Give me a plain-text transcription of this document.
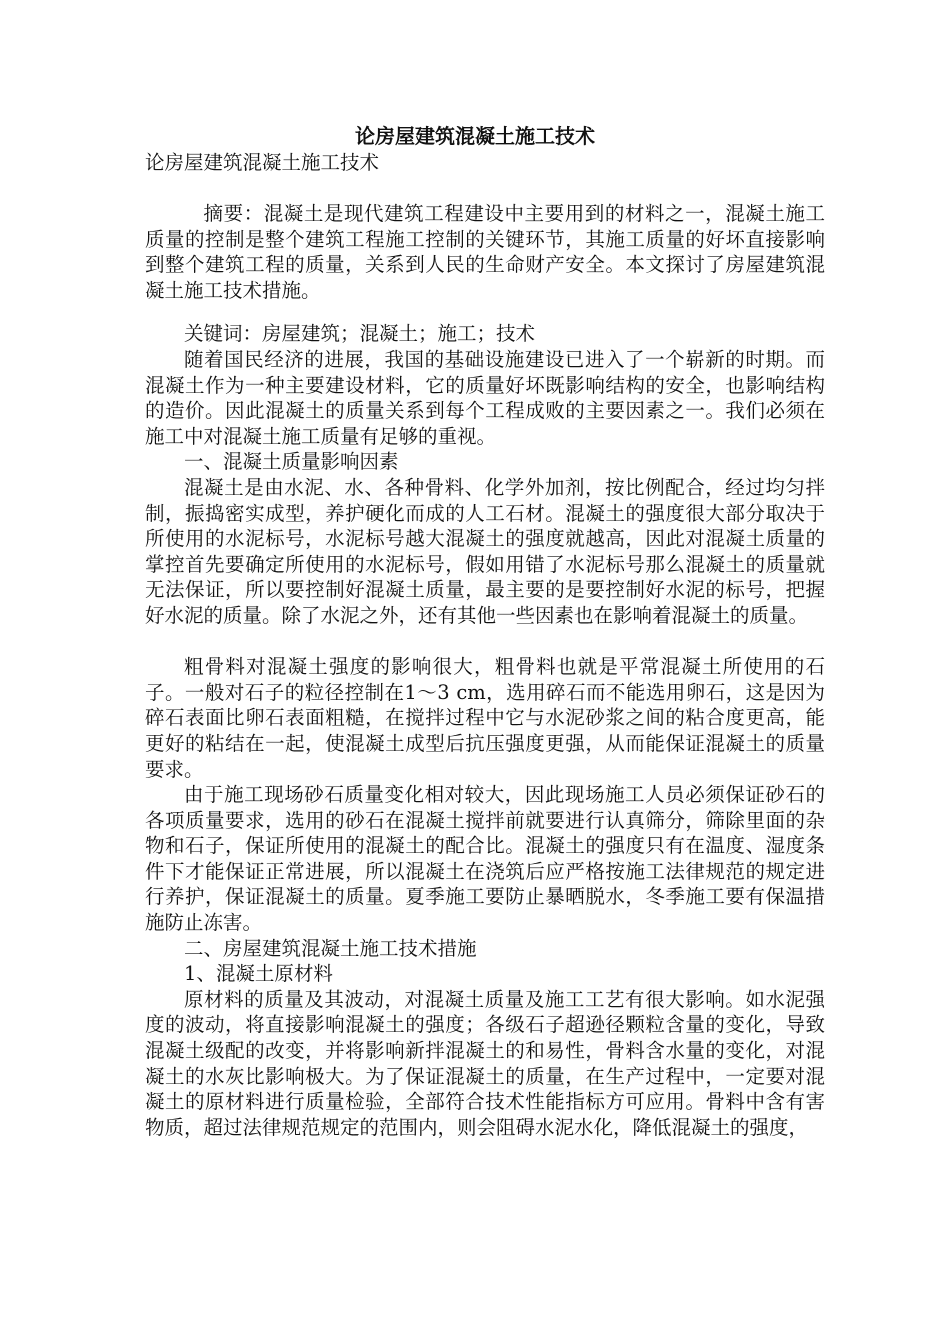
论房屋建筑混凝土施工技术
论房屋建筑混凝土施工技术

摘要：混凝土是现代建筑工程建设中主要用到的材料之一，混凝土施工质量的控制是整个建筑工程施工控制的关键环节，其施工质量的好坏直接影响到整个建筑工程的质量，关系到人民的生命财产安全。本文探讨了房屋建筑混凝土施工技术措施。

关键词：房屋建筑；混凝土；施工；技术

随着国民经济的进展，我国的基础设施建设已进入了一个崭新的时期。而混凝土作为一种主要建设材料，它的质量好坏既影响结构的安全，也影响结构的造价。因此混凝土的质量关系到每个工程成败的主要因素之一。我们必须在施工中对混凝土施工质量有足够的重视。

一、混凝土质量影响因素

混凝土是由水泥、水、各种骨料、化学外加剂，按比例配合，经过均匀拌制，振捣密实成型，养护硬化而成的人工石材。混凝土的强度很大部分取决于所使用的水泥标号，水泥标号越大混凝土的强度就越高，因此对混凝土质量的掌控首先要确定所使用的水泥标号，假如用错了水泥标号那么混凝土的质量就无法保证，所以要控制好混凝土质量，最主要的是要控制好水泥的标号，把握好水泥的质量。除了水泥之外，还有其他一些因素也在影响着混凝土的质量。

粗骨料对混凝土强度的影响很大，粗骨料也就是平常混凝土所使用的石子。一般对石子的粒径控制在1～3 cm，选用碎石而不能选用卵石，这是因为碎石表面比卵石表面粗糙，在搅拌过程中它与水泥砂浆之间的粘合度更高，能更好的粘结在一起，使混凝土成型后抗压强度更强，从而能保证混凝土的质量要求。

由于施工现场砂石质量变化相对较大，因此现场施工人员必须保证砂石的各项质量要求，选用的砂石在混凝土搅拌前就要进行认真筛分，筛除里面的杂物和石子，保证所使用的混凝土的配合比。混凝土的强度只有在温度、湿度条件下才能保证正常进展，所以混凝土在浇筑后应严格按施工法律规范的规定进行养护，保证混凝土的质量。夏季施工要防止暴晒脱水，冬季施工要有保温措施防止冻害。

二、房屋建筑混凝土施工技术措施

1、混凝土原材料

原材料的质量及其波动，对混凝土质量及施工工艺有很大影响。如水泥强度的波动，将直接影响混凝土的强度；各级石子超逊径颗粒含量的变化，导致混凝土级配的改变，并将影响新拌混凝土的和易性，骨料含水量的变化，对混凝土的水灰比影响极大。为了保证混凝土的质量，在生产过程中，一定要对混凝土的原材料进行质量检验，全部符合技术性能指标方可应用。骨料中含有害物质，超过法律规范规定的范围内，则会阻碍水泥水化，降低混凝土的强度，
